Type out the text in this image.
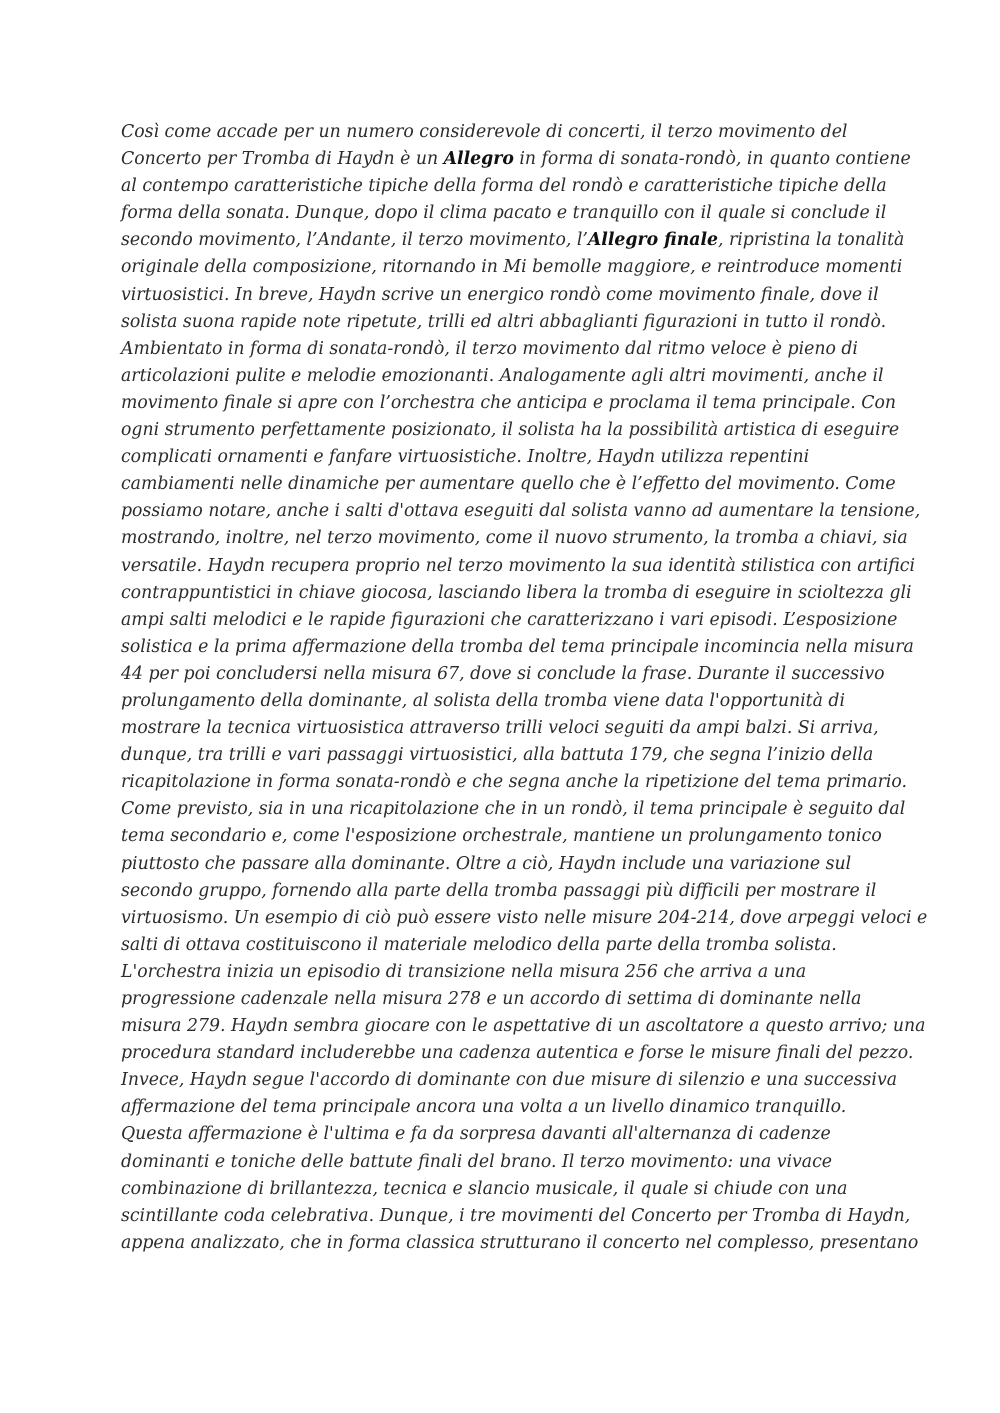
Così come accade per un numero considerevole di concerti, il terzo movimento del
Concerto per Tromba di Haydn è un Allegro in forma di sonata-rondò, in quanto contiene
al contempo caratteristiche tipiche della forma del rondò e caratteristiche tipiche della
forma della sonata. Dunque, dopo il clima pacato e tranquillo con il quale si conclude il
secondo movimento, l’Andante, il terzo movimento, l’Allegro finale, ripristina la tonalità
originale della composizione, ritornando in Mi bemolle maggiore, e reintroduce momenti
virtuosistici. In breve, Haydn scrive un energico rondò come movimento finale, dove il
solista suona rapide note ripetute, trilli ed altri abbaglianti figurazioni in tutto il rondò.
Ambientato in forma di sonata-rondò, il terzo movimento dal ritmo veloce è pieno di
articolazioni pulite e melodie emozionanti. Analogamente agli altri movimenti, anche il
movimento finale si apre con l’orchestra che anticipa e proclama il tema principale. Con
ogni strumento perfettamente posizionato, il solista ha la possibilità artistica di eseguire
complicati ornamenti e fanfare virtuosistiche. Inoltre, Haydn utilizza repentini
cambiamenti nelle dinamiche per aumentare quello che è l’effetto del movimento. Come
possiamo notare, anche i salti d'ottava eseguiti dal solista vanno ad aumentare la tensione,
mostrando, inoltre, nel terzo movimento, come il nuovo strumento, la tromba a chiavi, sia
versatile. Haydn recupera proprio nel terzo movimento la sua identità stilistica con artifici
contrappuntistici in chiave giocosa, lasciando libera la tromba di eseguire in scioltezza gli
ampi salti melodici e le rapide figurazioni che caratterizzano i vari episodi. L’esposizione
solistica e la prima affermazione della tromba del tema principale incomincia nella misura
44 per poi concludersi nella misura 67, dove si conclude la frase. Durante il successivo
prolungamento della dominante, al solista della tromba viene data l'opportunità di
mostrare la tecnica virtuosistica attraverso trilli veloci seguiti da ampi balzi. Si arriva,
dunque, tra trilli e vari passaggi virtuosistici, alla battuta 179, che segna l’inizio della
ricapitolazione in forma sonata-rondò e che segna anche la ripetizione del tema primario.
Come previsto, sia in una ricapitolazione che in un rondò, il tema principale è seguito dal
tema secondario e, come l'esposizione orchestrale, mantiene un prolungamento tonico
piuttosto che passare alla dominante. Oltre a ciò, Haydn include una variazione sul
secondo gruppo, fornendo alla parte della tromba passaggi più difficili per mostrare il
virtuosismo. Un esempio di ciò può essere visto nelle misure 204-214, dove arpeggi veloci e
salti di ottava costituiscono il materiale melodico della parte della tromba solista.
L'orchestra inizia un episodio di transizione nella misura 256 che arriva a una
progressione cadenzale nella misura 278 e un accordo di settima di dominante nella
misura 279. Haydn sembra giocare con le aspettative di un ascoltatore a questo arrivo; una
procedura standard includerebbe una cadenza autentica e forse le misure finali del pezzo.
Invece, Haydn segue l'accordo di dominante con due misure di silenzio e una successiva
affermazione del tema principale ancora una volta a un livello dinamico tranquillo.
Questa affermazione è l'ultima e fa da sorpresa davanti all'alternanza di cadenze
dominanti e toniche delle battute finali del brano. Il terzo movimento: una vivace
combinazione di brillantezza, tecnica e slancio musicale, il quale si chiude con una
scintillante coda celebrativa. Dunque, i tre movimenti del Concerto per Tromba di Haydn,
appena analizzato, che in forma classica strutturano il concerto nel complesso, presentano
